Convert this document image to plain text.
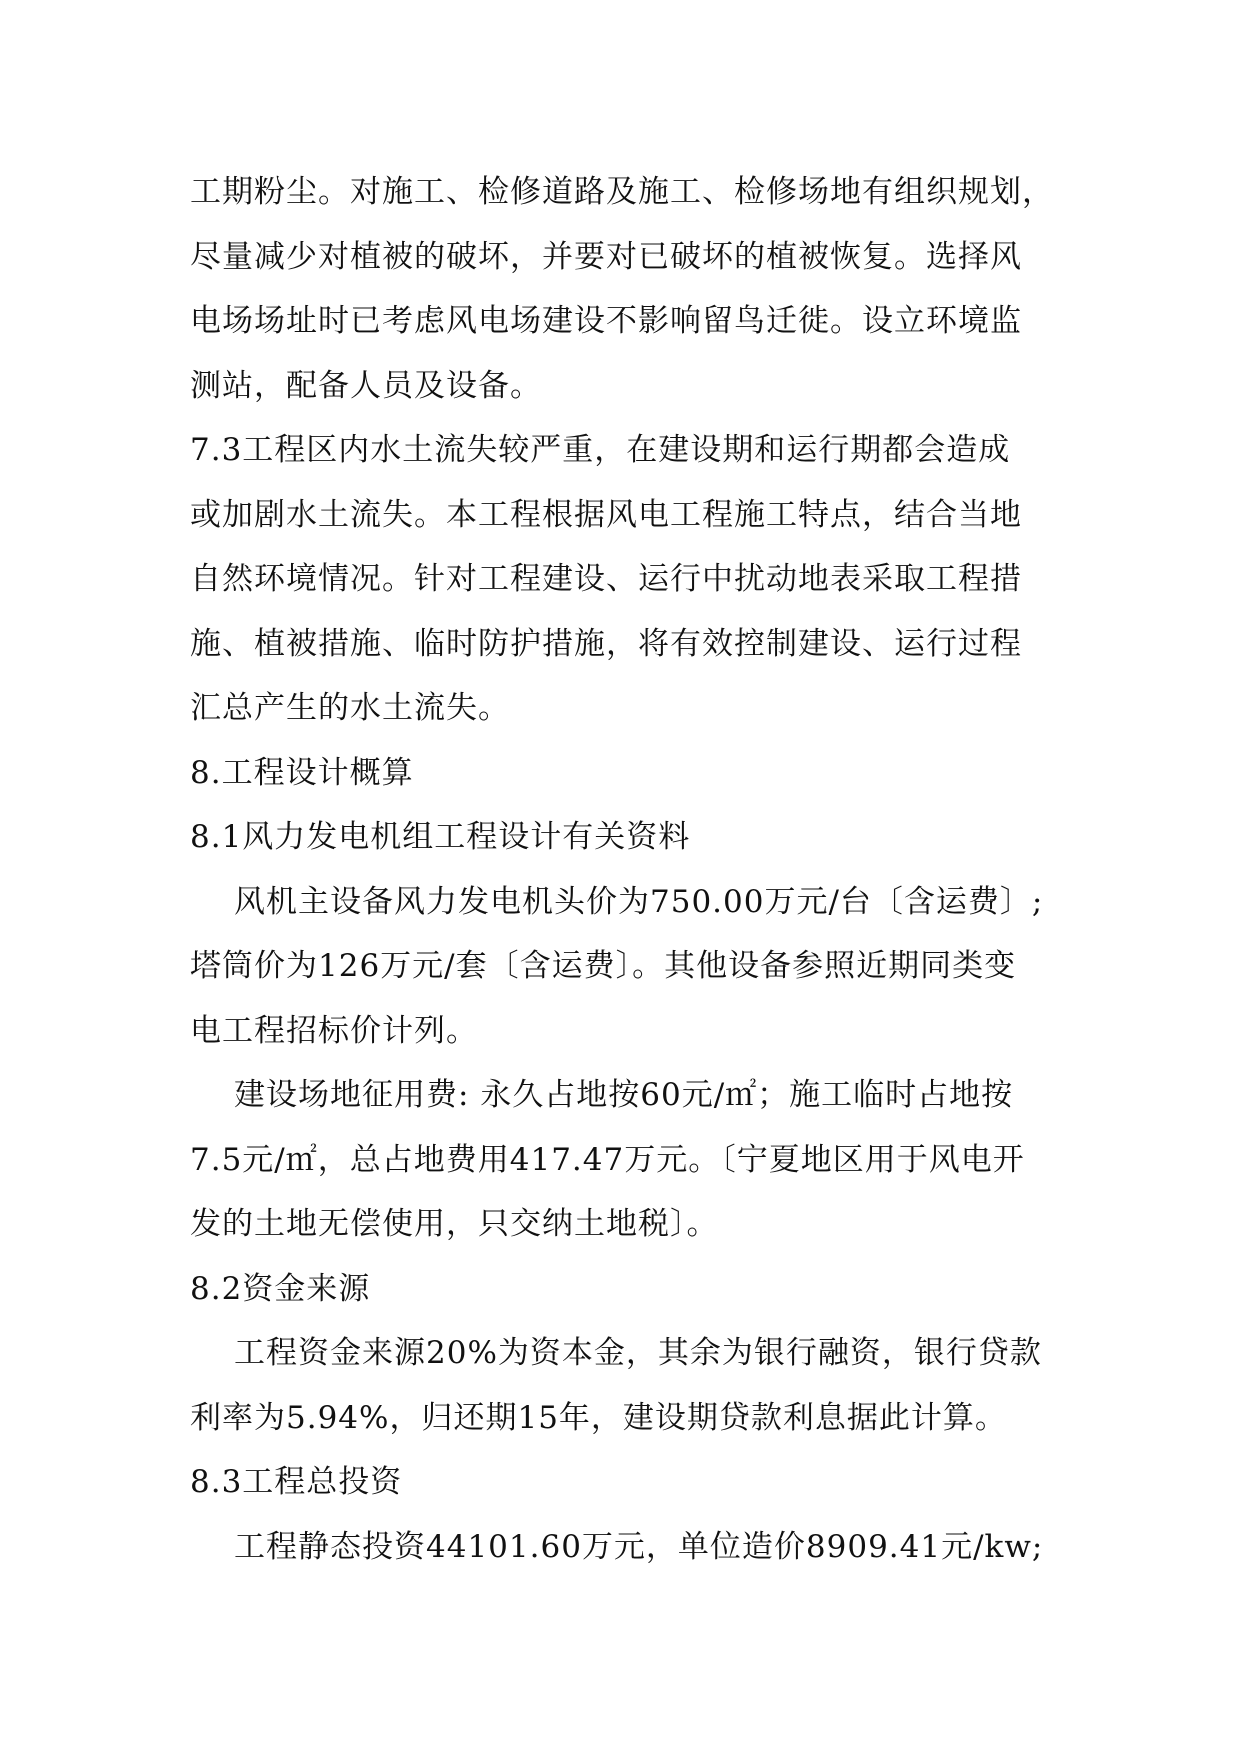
工期粉尘。对施工、检修道路及施工、检修场地有组织规划，
尽量减少对植被的破坏，并要对已破坏的植被恢复。选择风
电场场址时已考虑风电场建设不影响留鸟迁徙。设立环境监
测站，配备人员及设备。
7.3工程区内水土流失较严重，在建设期和运行期都会造成
或加剧水土流失。本工程根据风电工程施工特点，结合当地
自然环境情况。针对工程建设、运行中扰动地表采取工程措
施、植被措施、临时防护措施，将有效控制建设、运行过程
汇总产生的水土流失。
8.工程设计概算
8.1风力发电机组工程设计有关资料
风机主设备风力发电机头价为750.00万元/台〔含运费〕;
塔筒价为126万元/套〔含运费〕。其他设备参照近期同类变
电工程招标价计列。
建设场地征用费: 永久占地按60元/㎡；施工临时占地按
7.5元/㎡，总占地费用417.47万元。〔宁夏地区用于风电开
发的土地无偿使用，只交纳土地税〕。
8.2资金来源
工程资金来源20%为资本金，其余为银行融资，银行贷款
利率为5.94%，归还期15年，建设期贷款利息据此计算。
8.3工程总投资
工程静态投资44101.60万元，单位造价8909.41元/kw;
